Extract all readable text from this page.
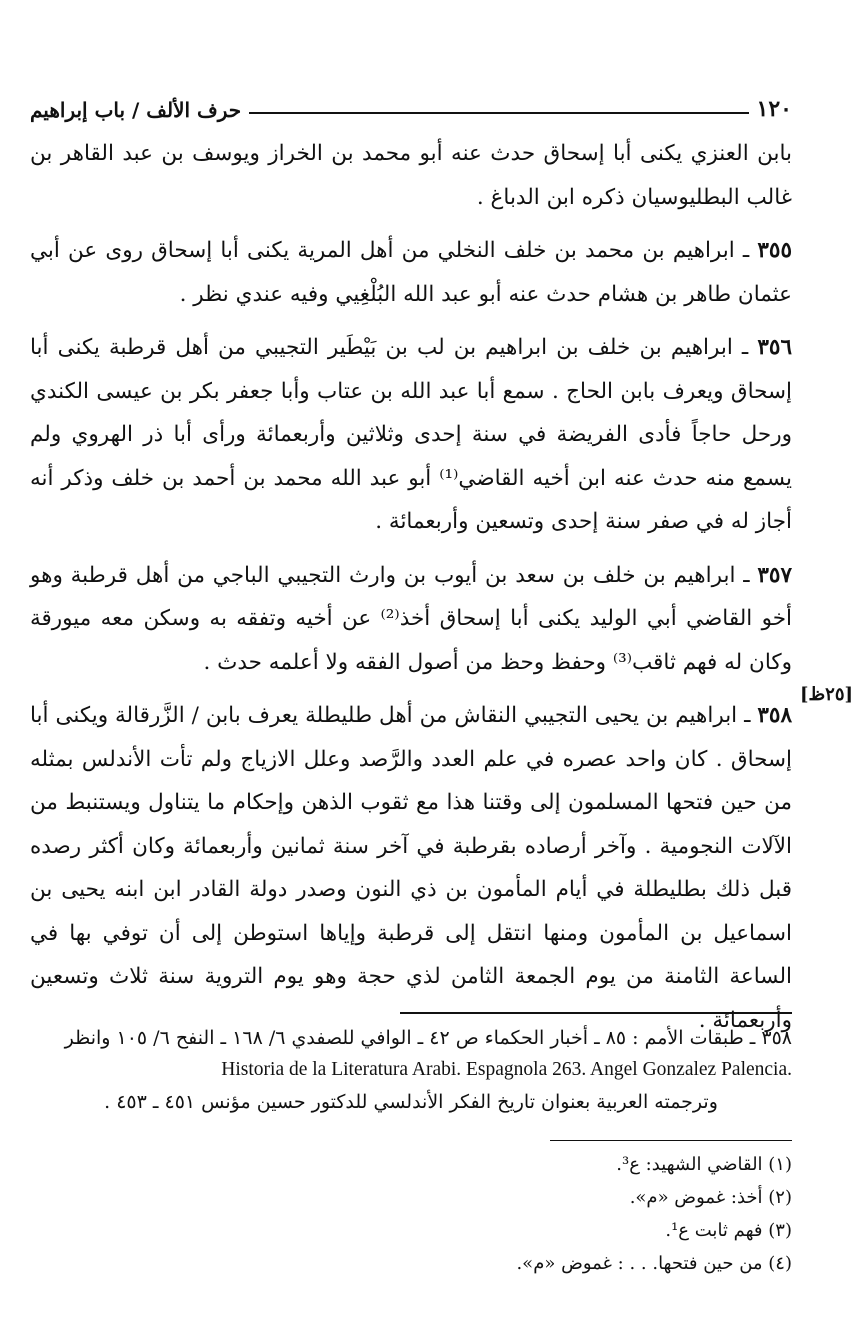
١٢٠
حرف الألف / باب إبراهيم

بابن العنزي يكنى أبا إسحاق حدث عنه أبو محمد بن الخراز ويوسف بن عبد القاهر بن غالب البطليوسيان ذكره ابن الدباغ .

٣٥٥ ـ ابراهيم بن محمد بن خلف النخلي من أهل المرية يكنى أبا إسحاق روى عن أبي عثمان طاهر بن هشام حدث عنه أبو عبد الله البُلْغِيي وفيه عندي نظر .

٣٥٦ ـ ابراهيم بن خلف بن ابراهيم بن لب بن بَيْطَير التجيبي من أهل قرطبة يكنى أبا إسحاق ويعرف بابن الحاج . سمع أبا عبد الله بن عتاب وأبا جعفر بكر بن عيسى الكندي ورحل حاجاً فأدى الفريضة في سنة إحدى وثلاثين وأربعمائة ورأى أبا ذر الهروي ولم يسمع منه حدث عنه ابن أخيه القاضي⁽¹⁾ أبو عبد الله محمد بن أحمد بن خلف وذكر أنه أجاز له في صفر سنة إحدى وتسعين وأربعمائة .

٣٥٧ ـ ابراهيم بن خلف بن سعد بن أيوب بن وارث التجيبي الباجي من أهل قرطبة وهو أخو القاضي أبي الوليد يكنى أبا إسحاق أخذ⁽²⁾ عن أخيه وتفقه به وسكن معه ميورقة وكان له فهم ثاقب⁽³⁾ وحفظ وحظ من أصول الفقه ولا أعلمه حدث .

٣٥٨ ـ ابراهيم بن يحيى التجيبي النقاش من أهل طليطلة يعرف بابن / الزَّرقالة ويكنى أبا إسحاق . كان واحد عصره في علم العدد والرَّصد وعلل الازياج ولم تأت الأندلس بمثله من حين فتحها المسلمون إلى وقتنا هذا مع ثقوب الذهن وإحكام ما يتناول ويستنبط من الآلات النجومية . وآخر أرصاده بقرطبة في آخر سنة ثمانين وأربعمائة وكان أكثر رصده قبل ذلك بطليطلة في أيام المأمون بن ذي النون وصدر دولة القادر ابن ابنه يحيى بن اسماعيل بن المأمون ومنها انتقل إلى قرطبة وإياها استوطن إلى أن توفي بها في الساعة الثامنة من يوم الجمعة الثامن لذي حجة وهو يوم التروية سنة ثلاث وتسعين وأربعمائة .

[٢٥ظ]
٣٥٨ ـ طبقات الأمم : ٨٥ ـ أخبار الحكماء ص ٤٢ ـ الوافي للصفدي ٦/ ١٦٨ ـ النفح ٦/ ١٠٥ وانظر
Historia de la Literatura Arabi. Espagnola 263. Angel Gonzalez Palencia.
وترجمته العربية بعنوان تاريخ الفكر الأندلسي للدكتور حسين مؤنس ٤٥١ ـ ٤٥٣ .
(١) القاضي الشهيد: ع³.
(٢) أخذ: غموض «م».
(٣) فهم ثابت ع¹.
(٤) من حين فتحها. . . : غموض «م».
